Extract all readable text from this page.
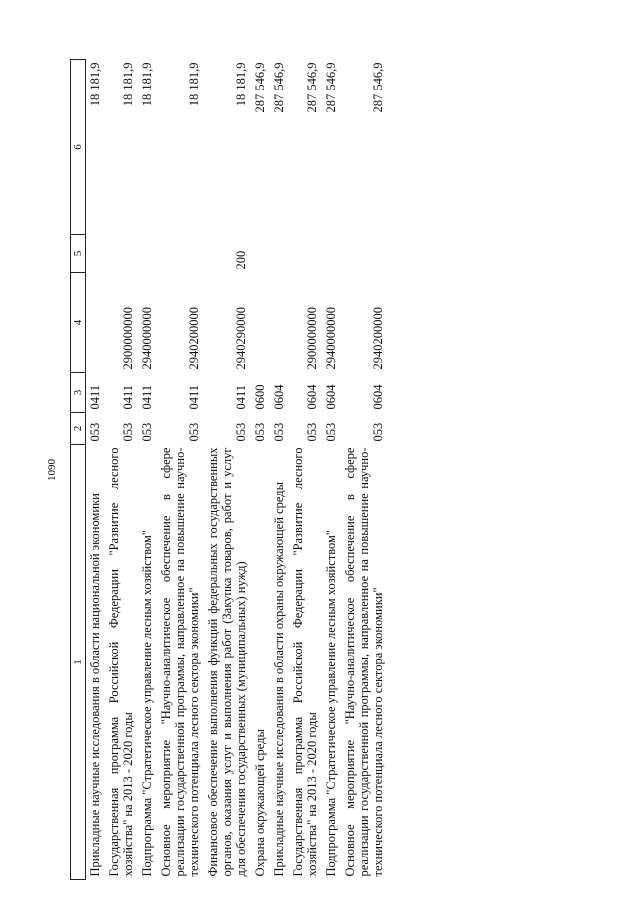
1090
1	2	3	4	5	6
Прикладные научные исследования в области национальной экономики	053	0411			18 181,9
Государственная программа Российской Федерации "Развитие лесного хозяйства" на 2013 - 2020 годы	053	0411	2900000000		18 181,9
Подпрограмма "Стратегическое управление лесным хозяйством"	053	0411	2940000000		18 181,9
Основное мероприятие "Научно-аналитическое обеспечение в сфере реализации государственной программы, направленное на повышение научно-технического потенциала лесного сектора экономики"	053	0411	2940200000		18 181,9
Финансовое обеспечение выполнения функций федеральных государственных органов, оказания услуг и выполнения работ (Закупка товаров, работ и услуг для обеспечения государственных (муниципальных) нужд)	053	0411	2940290000	200	18 181,9
Охрана окружающей среды	053	0600			287 546,9
Прикладные научные исследования в области охраны окружающей среды	053	0604			287 546,9
Государственная программа Российской Федерации "Развитие лесного хозяйства" на 2013 - 2020 годы	053	0604	2900000000		287 546,9
Подпрограмма "Стратегическое управление лесным хозяйством"	053	0604	2940000000		287 546,9
Основное мероприятие "Научно-аналитическое обеспечение в сфере реализации государственной программы, направленное на повышение научно-технического потенциала лесного сектора экономики"	053	0604	2940200000		287 546,9
